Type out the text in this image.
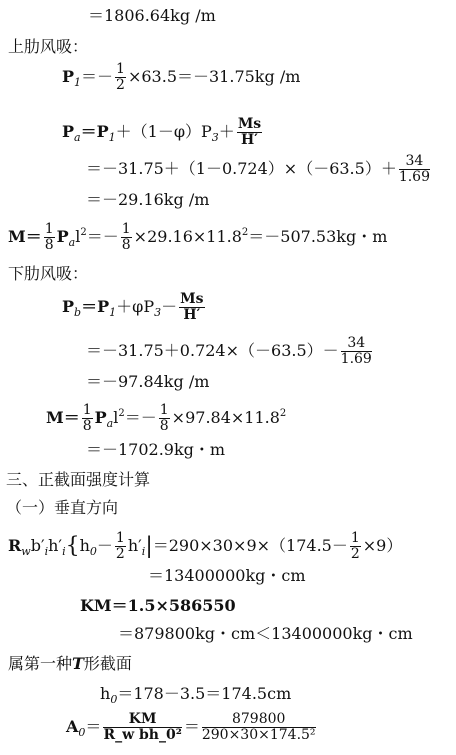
＝1806.64kg /m
上肋风吸：
$P_1=- \frac{1}{2} \times 63.5=-31.75kg$ /m
$P_a=P_1+(1-\varphi)P_3+ \frac{Ms}{H'}$
$=-31.75+(1-0.724)\times(-63.5)+ \frac{34}{1.69}$
＝－29.16kg /m
$M= \frac{1}{8} P_al^2=- \frac{1}{8} \times 29.16\times 11.8^2=-507.53kg$・m
下肋风吸：
$P_b=P_1+\varphi P_3- \frac{Ms}{H'}$
$=-31.75+0.724\times(-63.5)- \frac{34}{1.69}$
＝－97.84kg /m
$M= \frac{1}{8} P_al^2=- \frac{1}{8} \times 97.84\times 11.8^2$
＝－1702.9kg・m
三、正截面强度计算
（一）垂直方向
$R_wb'_ih'_i\{h_0- \frac{1}{2} h'_i|=290\times 30\times 9\times(174.5- \frac{1}{2} \times 9)$
＝13400000kg・cm
KM＝1.5×586550
＝879800kg・cm＜13400000kg・cm
属第一种T形截面
$h_0=178-3.5=174.5cm$
$A_0= \frac{KM}{\text{R\_w bh\_0²}} = \frac{879800}{\text{290×30×174.5²}}$
